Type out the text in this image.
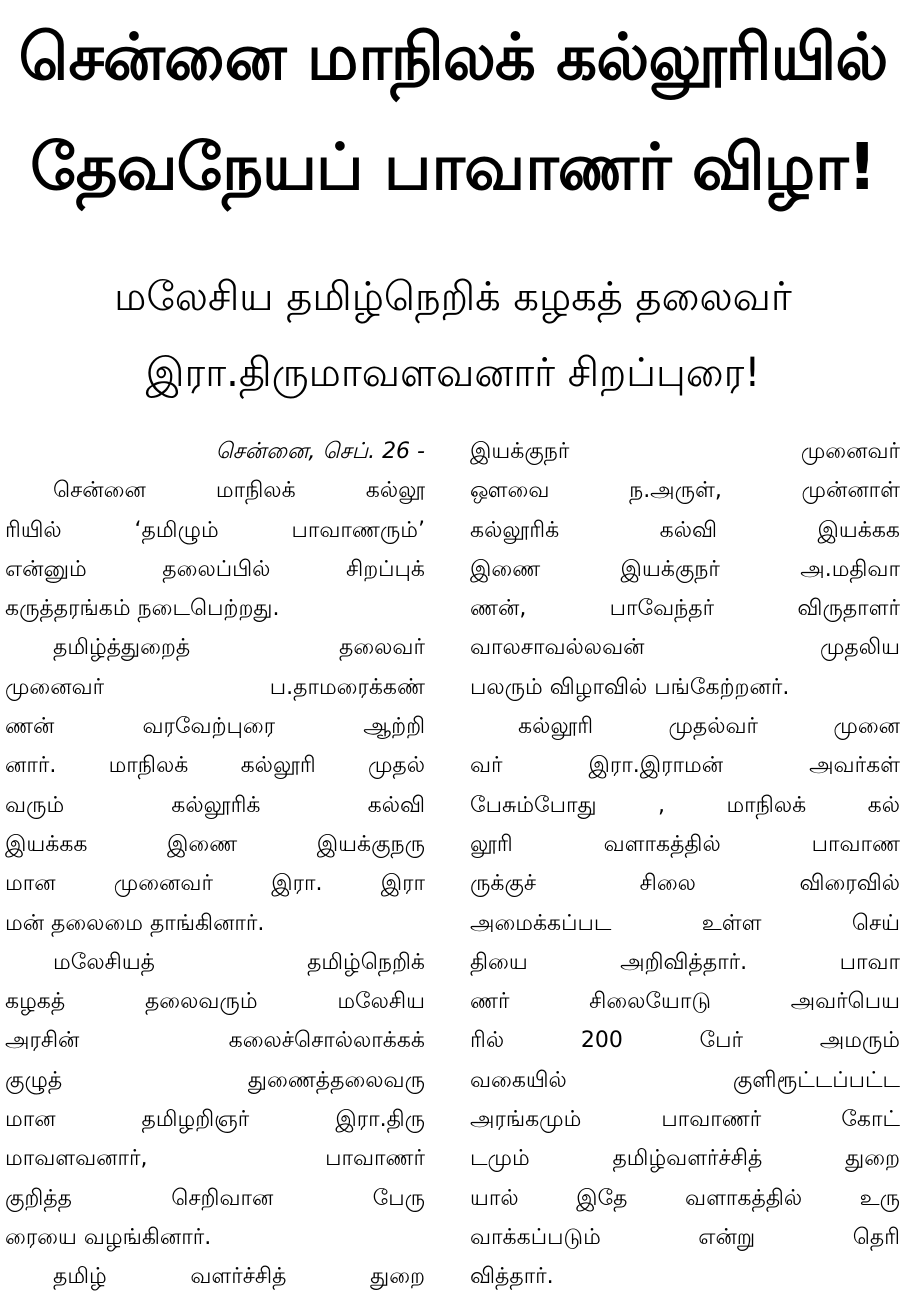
சென்னை மாநிலக் கல்லூரியில்
தேவநேயப் பாவாணர் விழா!
மலேசிய தமிழ்நெறிக் கழகத் தலைவர்
இரா.திருமாவளவனார் சிறப்புரை!
சென்னை, செப். 26 -
சென்னை மாநிலக் கல்லூ
ரியில் ‘தமிழும் பாவாணரும்’
என்னும் தலைப்பில் சிறப்புக்
கருத்தரங்கம் நடைபெற்றது.
தமிழ்த்துறைத் தலைவர்
முனைவர் ப.தாமரைக்கண்
ணன் வரவேற்புரை ஆற்றி
னார். மாநிலக் கல்லூரி முதல்
வரும் கல்லூரிக் கல்வி
இயக்கக இணை இயக்குநரு
மான முனைவர் இரா. இரா
மன் தலைமை தாங்கினார்.
மலேசியத் தமிழ்நெறிக்
கழகத் தலைவரும் மலேசிய
அரசின் கலைச்சொல்லாக்கக்
குழுத் துணைத்தலைவரு
மான தமிழறிஞர் இரா.திரு
மாவளவனார், பாவாணர்
குறித்த செறிவான பேரு
ரையை வழங்கினார்.
தமிழ் வளர்ச்சித் துறை
இயக்குநர் முனைவர்
ஔவை ந.அருள், முன்னாள்
கல்லூரிக் கல்வி இயக்கக
இணை இயக்குநர் அ.மதிவா
ணன், பாவேந்தர் விருதாளர்
வாலசாவல்லவன் முதலிய
பலரும் விழாவில் பங்கேற்றனர்.
கல்லூரி முதல்வர் முனை
வர் இரா.இராமன் அவர்கள்
பேசும்போது , மாநிலக் கல்
லூரி வளாகத்தில் பாவாண
ருக்குச் சிலை விரைவில்
அமைக்கப்பட உள்ள செய்
தியை அறிவித்தார். பாவா
ணர் சிலையோடு அவர்பெய
ரில் 200 பேர் அமரும்
வகையில் குளிரூட்டப்பட்ட
அரங்கமும் பாவாணர் கோட்
டமும் தமிழ்வளர்ச்சித் துறை
யால் இதே வளாகத்தில் உரு
வாக்கப்படும் என்று தெரி
வித்தார்.
